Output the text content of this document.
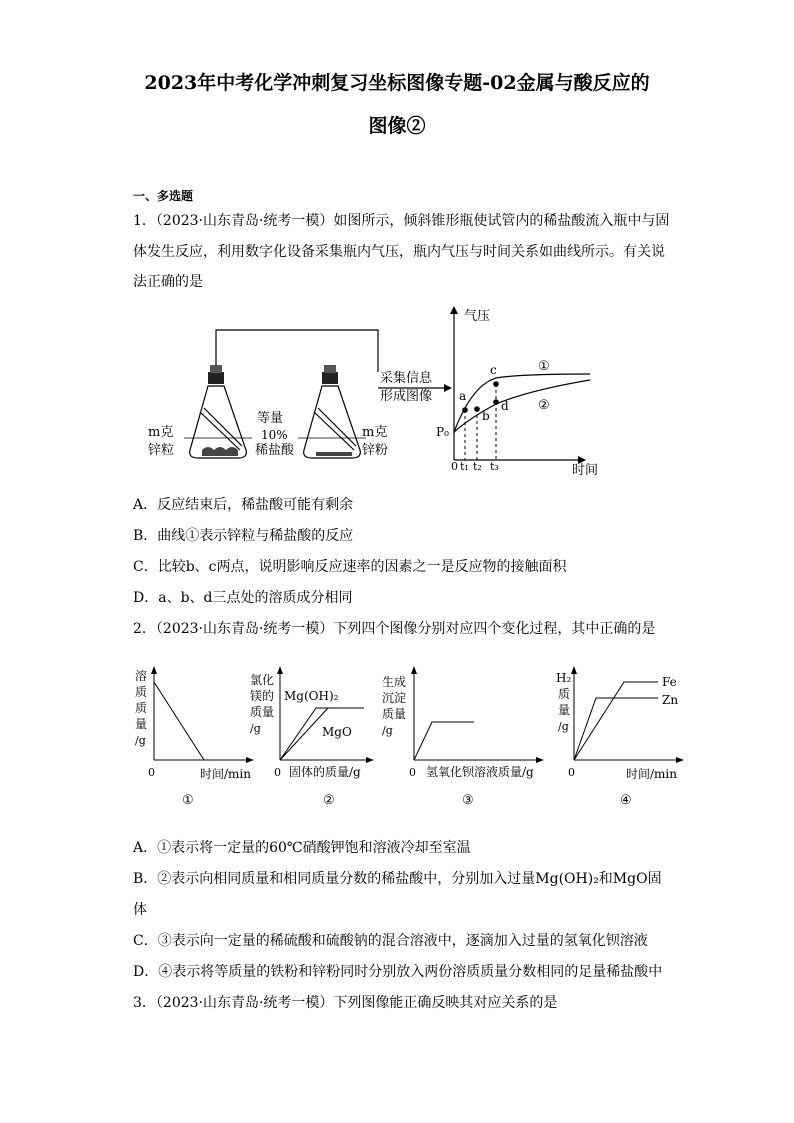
2023年中考化学冲刺复习坐标图像专题-02金属与酸反应的
图像②
一、多选题
1．（2023·山东青岛·统考一模）如图所示，倾斜锥形瓶使试管内的稀盐酸流入瓶中与固
体发生反应，利用数字化设备采集瓶内气压，瓶内气压与时间关系如曲线所示。有关说
法正确的是
m克
锌粒
等量
10%
稀盐酸
m克
锌粉
采集信息
形成图像
气压
时间
P₀
0
a
b
c
d
t₁ t₂ t₃
①
②
A．反应结束后，稀盐酸可能有剩余
B．曲线①表示锌粒与稀盐酸的反应
C．比较b、c两点，说明影响反应速率的因素之一是反应物的接触面积
D．a、b、d三点处的溶质成分相同
2．（2023·山东青岛·统考一模）下列四个图像分别对应四个变化过程，其中正确的是
溶
质
质
量
/g
0	时间/min
①
氯化
镁的
质量
/g
Mg(OH)₂
MgO
0 固体的质量/g
②
生成
沉淀
质量
/g
0 氢氧化钡溶液质量/g
③
H₂
质
量
/g
Fe
Zn
0	时间/min
④
A．①表示将一定量的60℃硝酸钾饱和溶液冷却至室温
B．②表示向相同质量和相同质量分数的稀盐酸中，分别加入过量Mg(OH)₂和MgO固
体
C．③表示向一定量的稀硫酸和硫酸钠的混合溶液中，逐滴加入过量的氢氧化钡溶液
D．④表示将等质量的铁粉和锌粉同时分别放入两份溶质质量分数相同的足量稀盐酸中
3．（2023·山东青岛·统考一模）下列图像能正确反映其对应关系的是
